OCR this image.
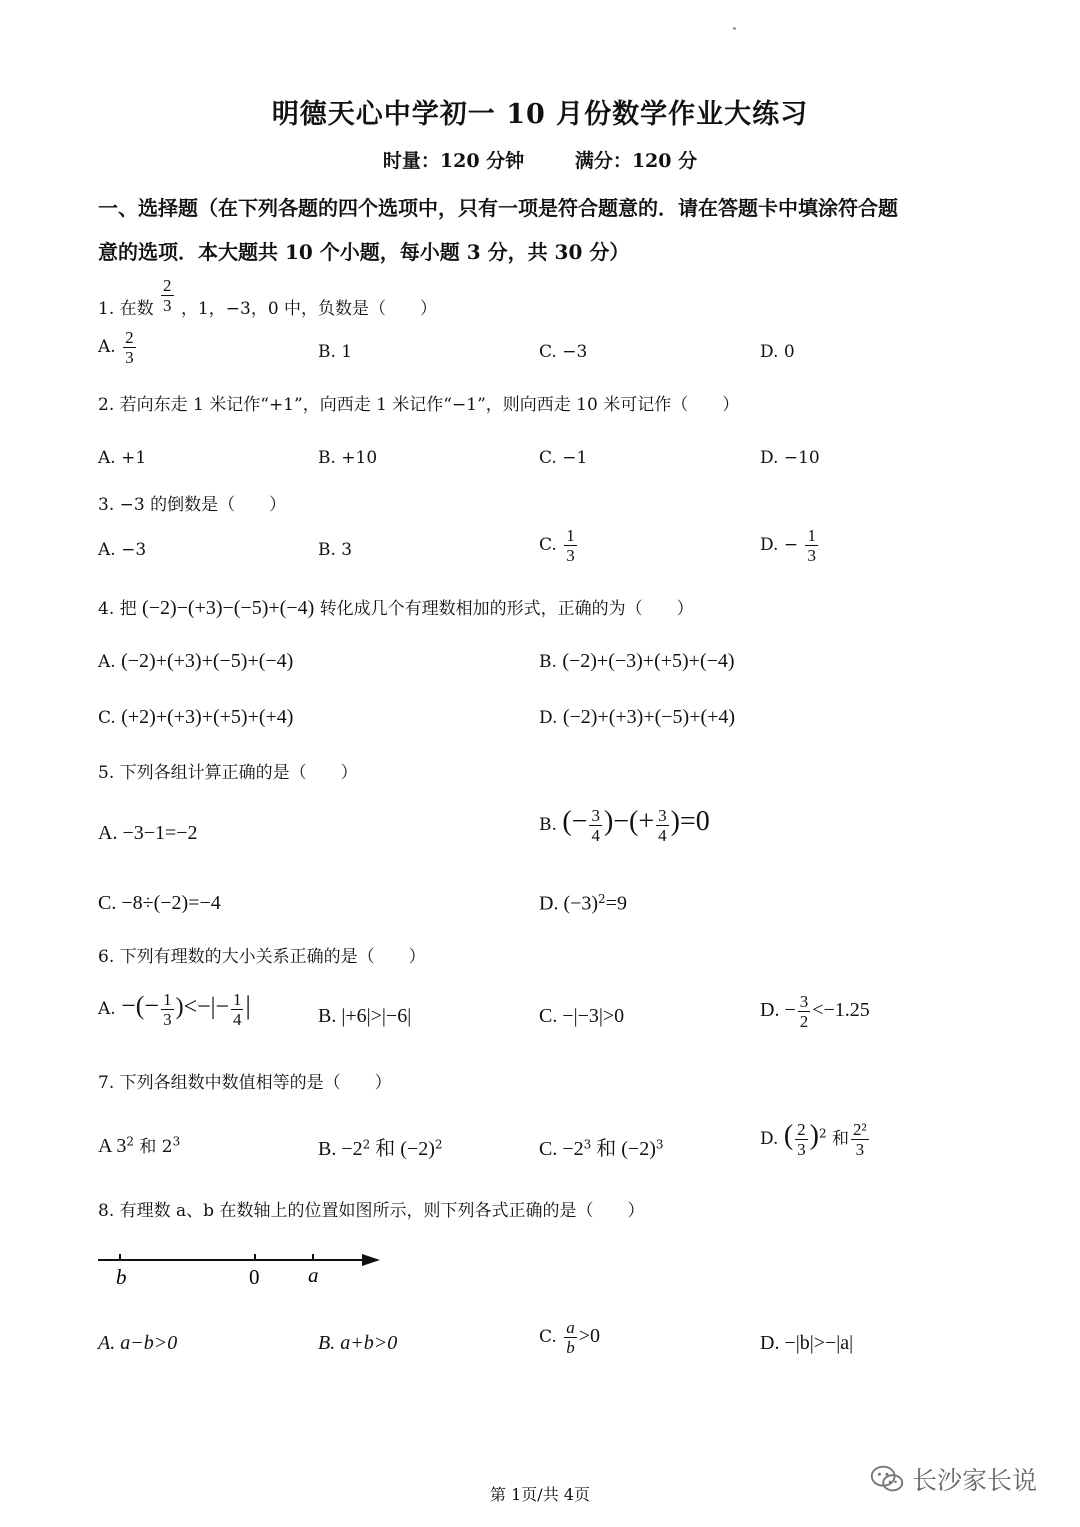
明德天心中学初一 10 月份数学作业大练习
时量：120 分钟	满分：120 分
一、选择题（在下列各题的四个选项中，只有一项是符合题意的．请在答题卡中填涂符合题
意的选项．本大题共 10 个小题，每小题 3 分，共 30 分）
1. 在数 $\frac{2}{3}$ ，1，−3，0 中，负数是（　　）
A. $\frac{2}{3}$	B. 1	C. −3	D. 0
2. 若向东走 1 米记作“+1”，向西走 1 米记作“−1”，则向西走 10 米可记作（　　）
A. +1	B. +10	C. −1	D. −10
3. −3 的倒数是（　　）
A. −3	B. 3	C. $\frac{1}{3}$	D. − $\frac{1}{3}$
4. 把 (−2)−(+3)−(−5)+(−4) 转化成几个有理数相加的形式，正确的为（　　）
A. (−2)+(+3)+(−5)+(−4)	B. (−2)+(−3)+(+5)+(−4)
C. (+2)+(+3)+(+5)+(+4)	D. (−2)+(+3)+(−5)+(+4)
5. 下列各组计算正确的是（　　）
A. −3−1=−2	B. (− $\frac{3}{4}$ )−(+ $\frac{3}{4} )=0$
C. −8÷(−2)=−4	D. $(-3)^2=9$
6. 下列有理数的大小关系正确的是（　　）
A. −(− $\frac{1}{3}$ )<−|− $\frac{1}{4}$ |	B. |+6|>|−6|	C. −|−3|>0	D. − $\frac{3}{2} <-1.25$
7. 下列各组数中数值相等的是（　　）
A $3^2$ 和 $2^3$	B. $-2^2$ 和 $(-2)^2$	C. $-2^3$ 和 $(-2)^3$	D. ( $\frac{2}{3} )^2$ 和 $\frac{\text{2²}}{3}$
8. 有理数 a、b 在数轴上的位置如图所示，则下列各式正确的是（　　）
b	0 a
A. a−b>0	B. a+b>0	C. $\frac{a}{b} >0$	D. −|b|>−|a|
第 1页/共 4页	长沙家长说
